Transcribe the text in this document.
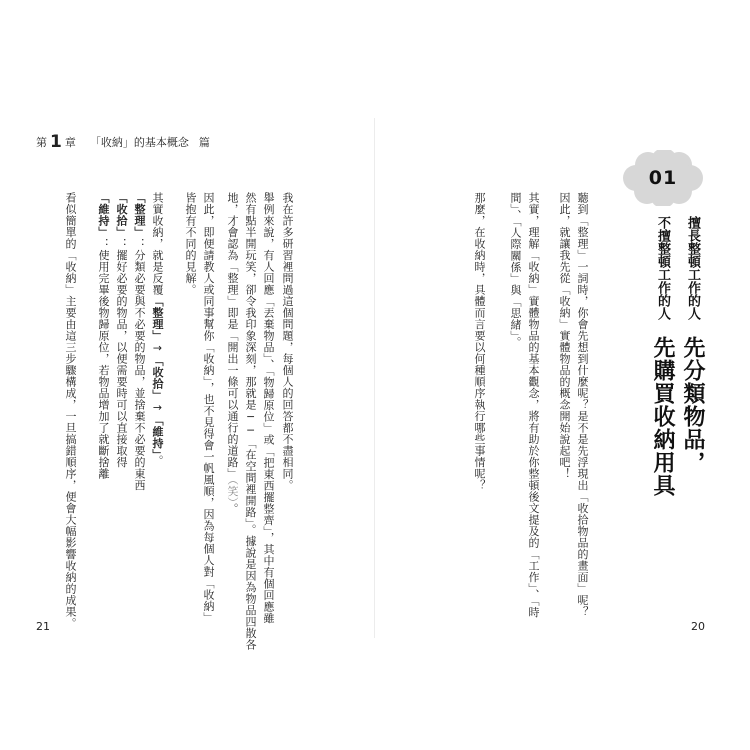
第 1 章 「收納」的基本概念 篇
01
擅長整頓工作的人
先分類物品，
不擅整頓工作的人
先購買收納用具
聽到「整理」一詞時，你會先想到什麼呢？是不是先浮現出「收拾物品的畫面」呢？
因此，就讓我先從「收納」實體物品的概念開始說起吧！
其實，理解「收納」實體物品的基本觀念，將有助於你整頓後文提及的「工作」、「時
間」、「人際關係」與「思緒」。
那麼，在收納時，具體而言要以何種順序執行哪些事情呢？
我在許多研習裡問過這個問題，每個人的回答都不盡相同。
舉例來說，有人回應「丟棄物品」、「物歸原位」或「把東西擺整齊」，其中有個回應雖
然有點半開玩笑，卻令我印象深刻，那就是──「在空間裡開路」。據說是因為物品四散各
地，才會認為「整理」即是「開出一條可以通行的道路」（笑）。
因此，即便請教人或同事幫你「收納」，也不見得會一帆風順，因為每個人對「收納」
皆抱有不同的見解。
其實收納，就是反覆「整理」→「收拾」→「維持」。
「整理」：分類必要與不必要的物品，並捨棄不必要的東西
「收拾」：擺好必要的物品，以便需要時可以直接取得
「維持」：使用完畢後物歸原位，若物品增加了就斷捨離
看似簡單的「收納」主要由這三步驟構成，一旦搞錯順序，便會大幅影響收納的成果。
21	20
